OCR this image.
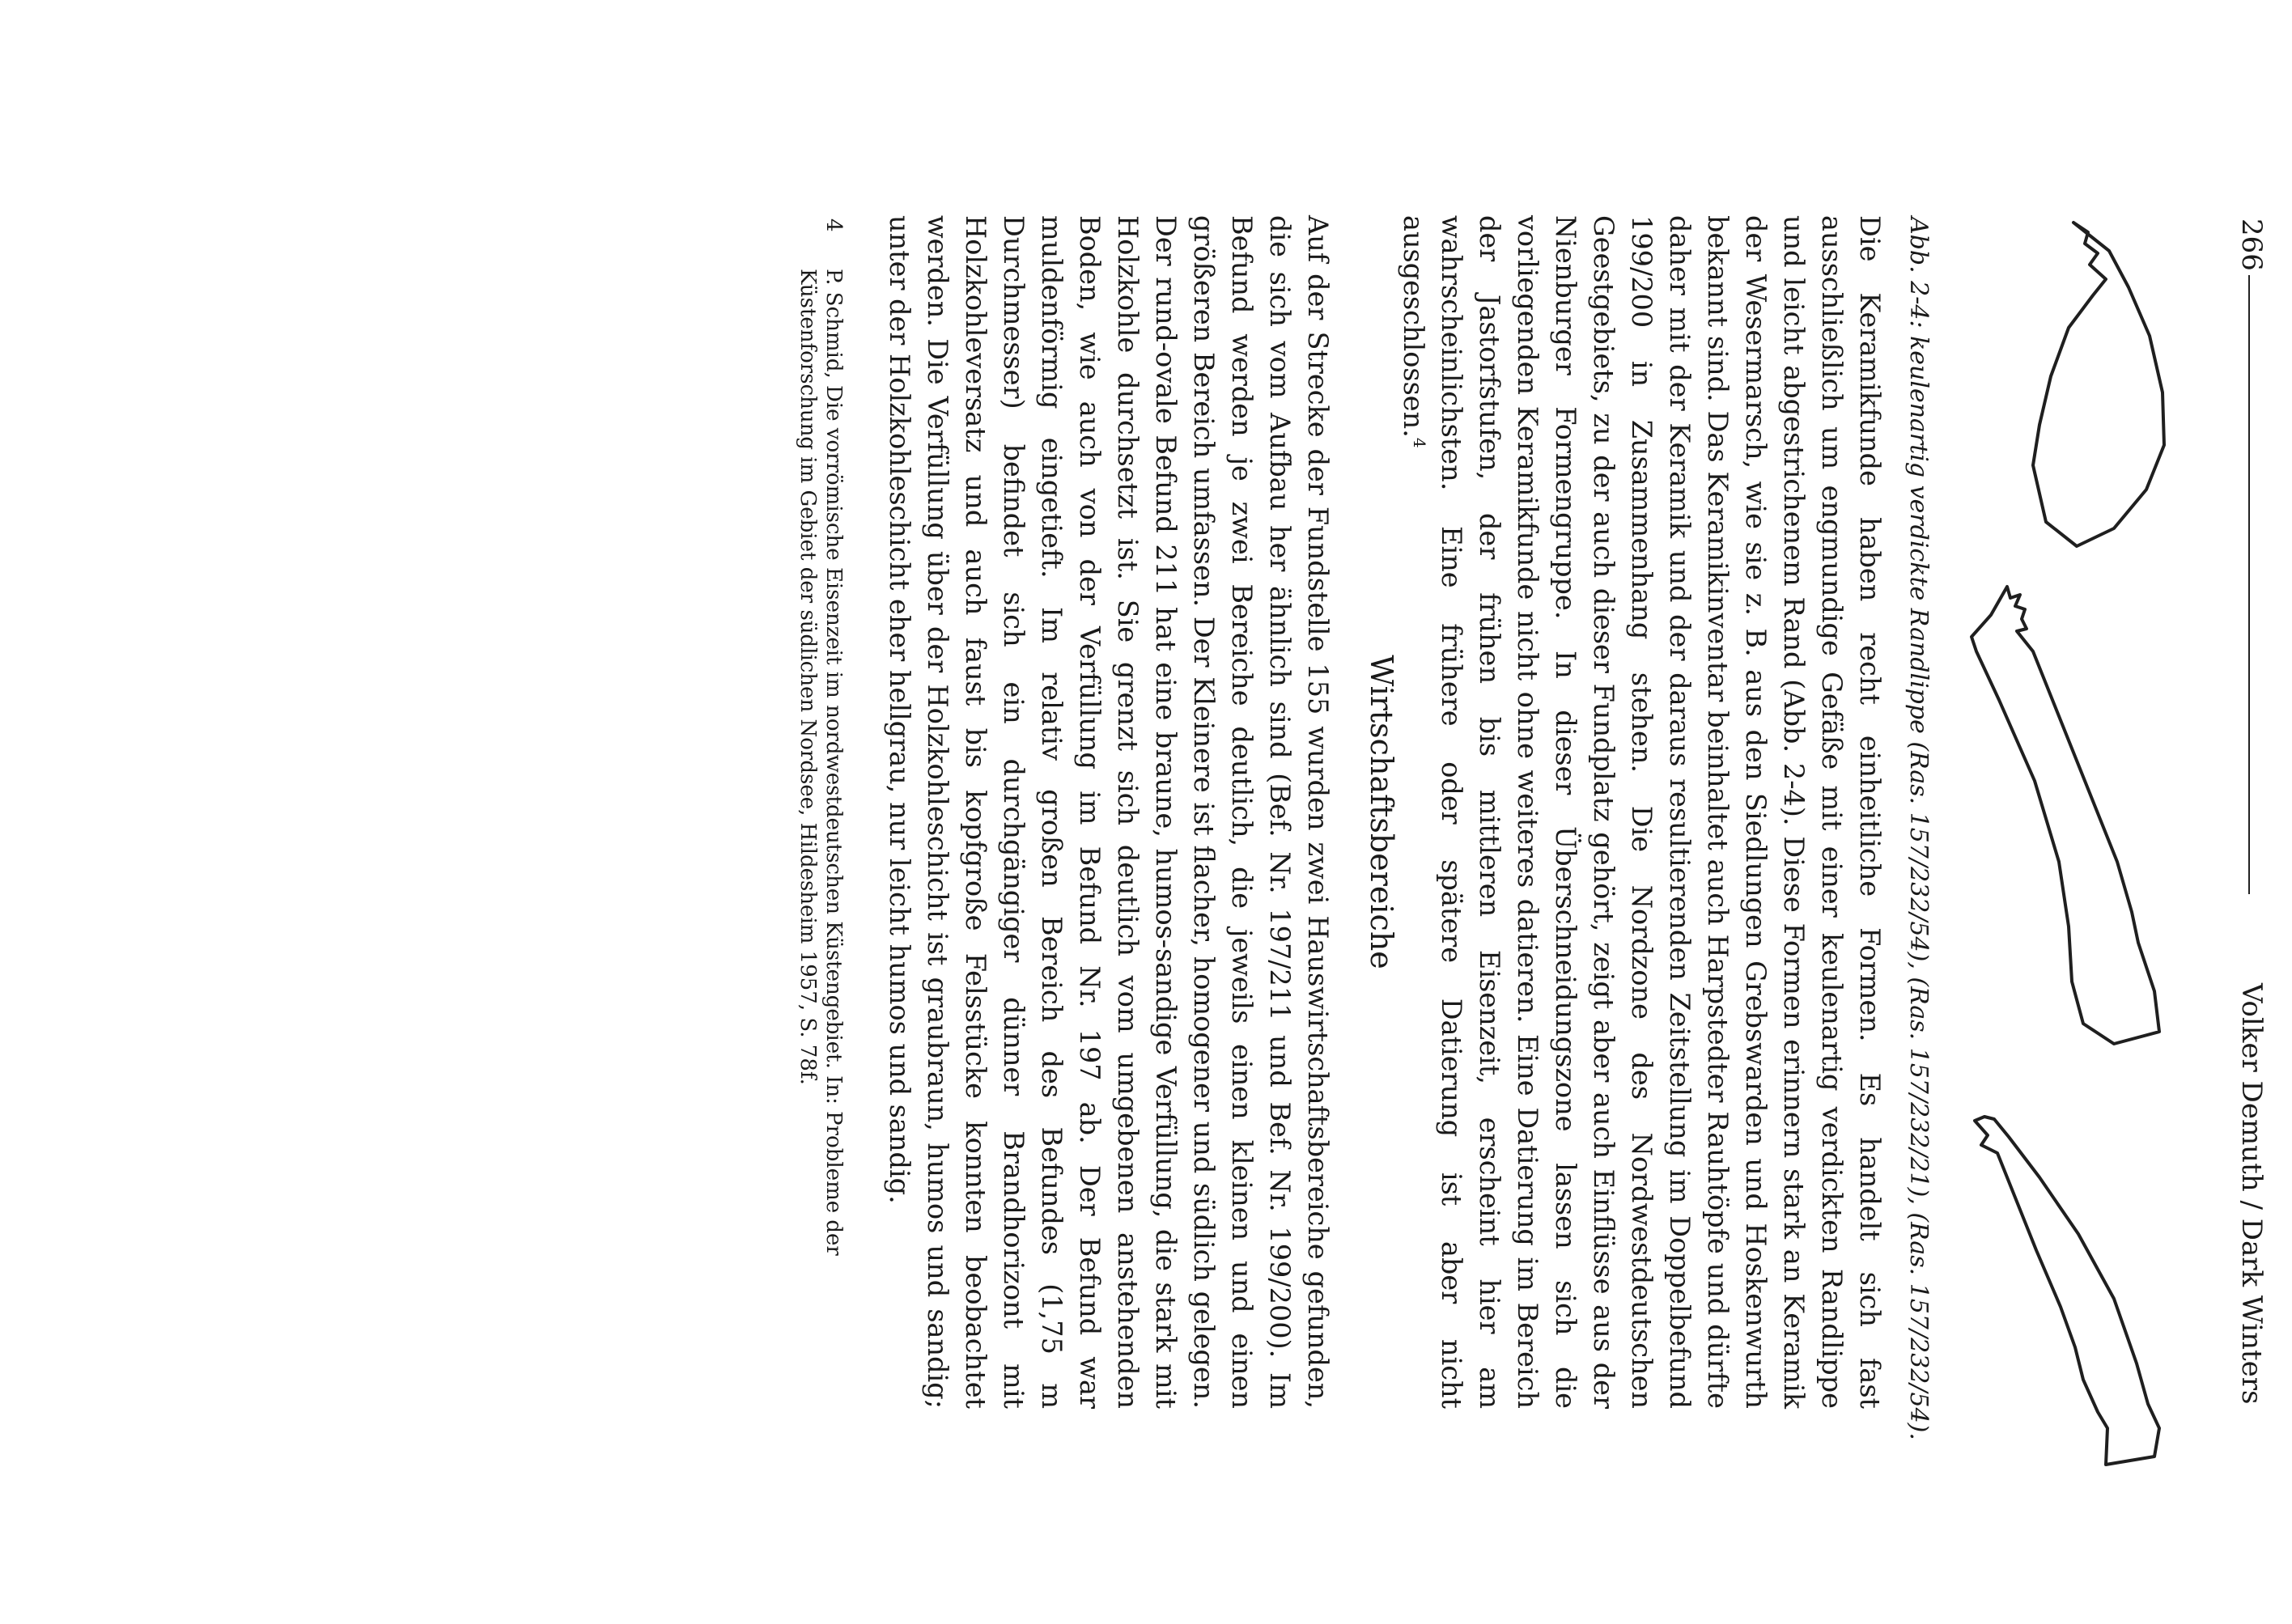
266
Volker Demuth / Dark Winters
Abb. 2-4: keulenartig verdickte Randlippe (Ras. 157/232/54), (Ras. 157/232/21), (Ras. 157/232/54).
Die Keramikfunde haben recht einheitliche Formen. Es handelt sich fast ausschließlich um engmundige Gefäße mit einer keulenartig verdickten Randlippe und leicht abgestrichenem Rand (Abb. 2-4). Diese Formen erinnern stark an Keramik der Wesermarsch, wie sie z. B. aus den Siedlungen Grebswarden und Hoskenwurth bekannt sind. Das Keramikinventar beinhaltet auch Harpstedter Rauhtöpfe und dürfte daher mit der Keramik und der daraus resultierenden Zeitstellung im Doppelbefund 199/200 in Zusammenhang stehen. Die Nordzone des Nordwestdeutschen Geestgebiets, zu der auch dieser Fundplatz gehört, zeigt aber auch Einflüsse aus der Nienburger Formengruppe. In dieser Überschneidungszone lassen sich die vorliegenden Keramikfunde nicht ohne weiteres datieren. Eine Datierung im Bereich der Jastorfstufen, der frühen bis mittleren Eisenzeit, erscheint hier am wahrscheinlichsten. Eine frühere oder spätere Datierung ist aber nicht ausgeschlossen.$^4$
Wirtschaftsbereiche
Auf der Strecke der Fundstelle 155 wurden zwei Hauswirtschaftsbereiche gefunden, die sich vom Aufbau her ähnlich sind (Bef. Nr. 197/211 und Bef. Nr. 199/200). Im Befund werden je zwei Bereiche deutlich, die jeweils einen kleinen und einen größeren Bereich umfassen. Der Kleinere ist flacher, homogener und südlich gelegen. Der rund-ovale Befund 211 hat eine braune, humos-sandige Verfüllung, die stark mit Holzkohle durchsetzt ist. Sie grenzt sich deutlich vom umgebenen anstehenden Boden, wie auch von der Verfüllung im Befund Nr. 197 ab. Der Befund war muldenförmig eingetieft. Im relativ großen Bereich des Befundes (1,75 m Durchmesser) befindet sich ein durchgängiger dünner Brandhorizont mit Holzkohleversatz und auch faust bis kopfgroße Felsstücke konnten beobachtet werden. Die Verfüllung über der Holzkohleschicht ist graubraun, humos und sandig; unter der Holzkohleschicht eher hellgrau, nur leicht humos und sandig.
4
P. Schmid, Die vorrömische Eisenzeit im nordwestdeutschen Küstengebiet. In: Probleme der Küstenforschung im Gebiet der südlichen Nordsee, Hildesheim 1957, S. 78f.
